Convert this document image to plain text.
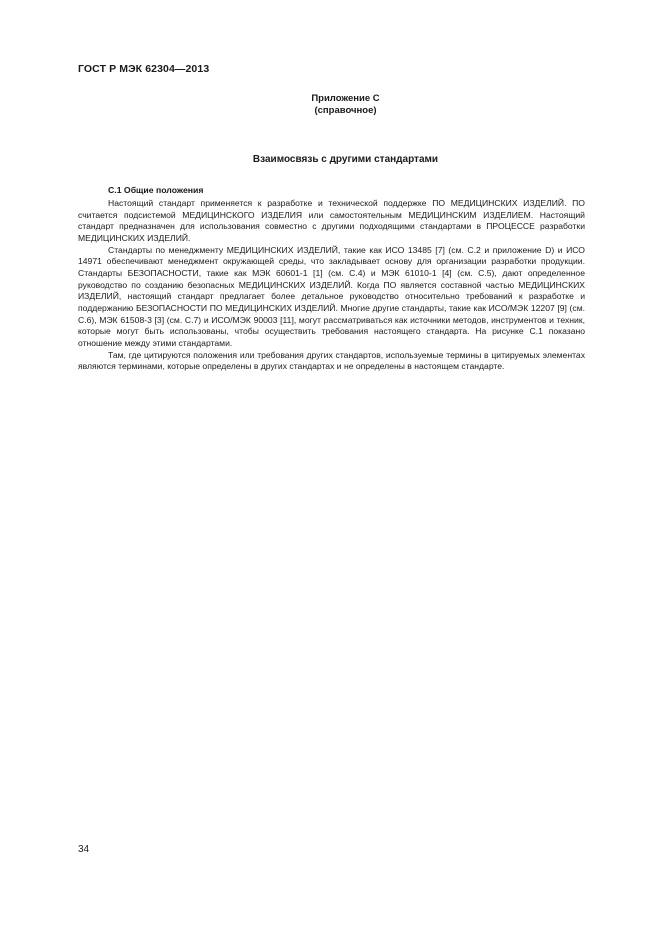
ГОСТ Р МЭК 62304—2013
Приложение C
(справочное)
Взаимосвязь с другими стандартами
C.1 Общие положения

Настоящий стандарт применяется к разработке и технической поддержке ПО МЕДИЦИНСКИХ ИЗДЕЛИЙ. ПО считается подсистемой МЕДИЦИНСКОГО ИЗДЕЛИЯ или самостоятельным МЕДИЦИНСКИМ ИЗДЕЛИЕМ. Настоящий стандарт предназначен для использования совместно с другими подходящими стандартами в ПРОЦЕССЕ разработки МЕДИЦИНСКИХ ИЗДЕЛИЙ.

Стандарты по менеджменту МЕДИЦИНСКИХ ИЗДЕЛИЙ, такие как ИСО 13485 [7] (см. C.2 и приложение D) и ИСО 14971 обеспечивают менеджмент окружающей среды, что закладывает основу для организации разработки продукции. Стандарты БЕЗОПАСНОСТИ, такие как МЭК 60601-1 [1] (см. C.4) и МЭК 61010-1 [4] (см. C.5), дают определенное руководство по созданию безопасных МЕДИЦИНСКИХ ИЗДЕЛИЙ. Когда ПО является составной частью МЕДИЦИНСКИХ ИЗДЕЛИЙ, настоящий стандарт предлагает более детальное руководство относительно требований к разработке и поддержанию БЕЗОПАСНОСТИ ПО МЕДИЦИНСКИХ ИЗДЕЛИЙ. Многие другие стандарты, такие как ИСО/МЭК 12207 [9] (см. C.6), МЭК 61508-3 [3] (см. C.7) и ИСО/МЭК 90003 [11], могут рассматриваться как источники методов, инструментов и техник, которые могут быть использованы, чтобы осуществить требования настоящего стандарта. На рисунке C.1 показано отношение между этими стандартами.

Там, где цитируются положения или требования других стандартов, используемые термины в цитируемых элементах являются терминами, которые определены в других стандартах и не определены в настоящем стандарте.

34
